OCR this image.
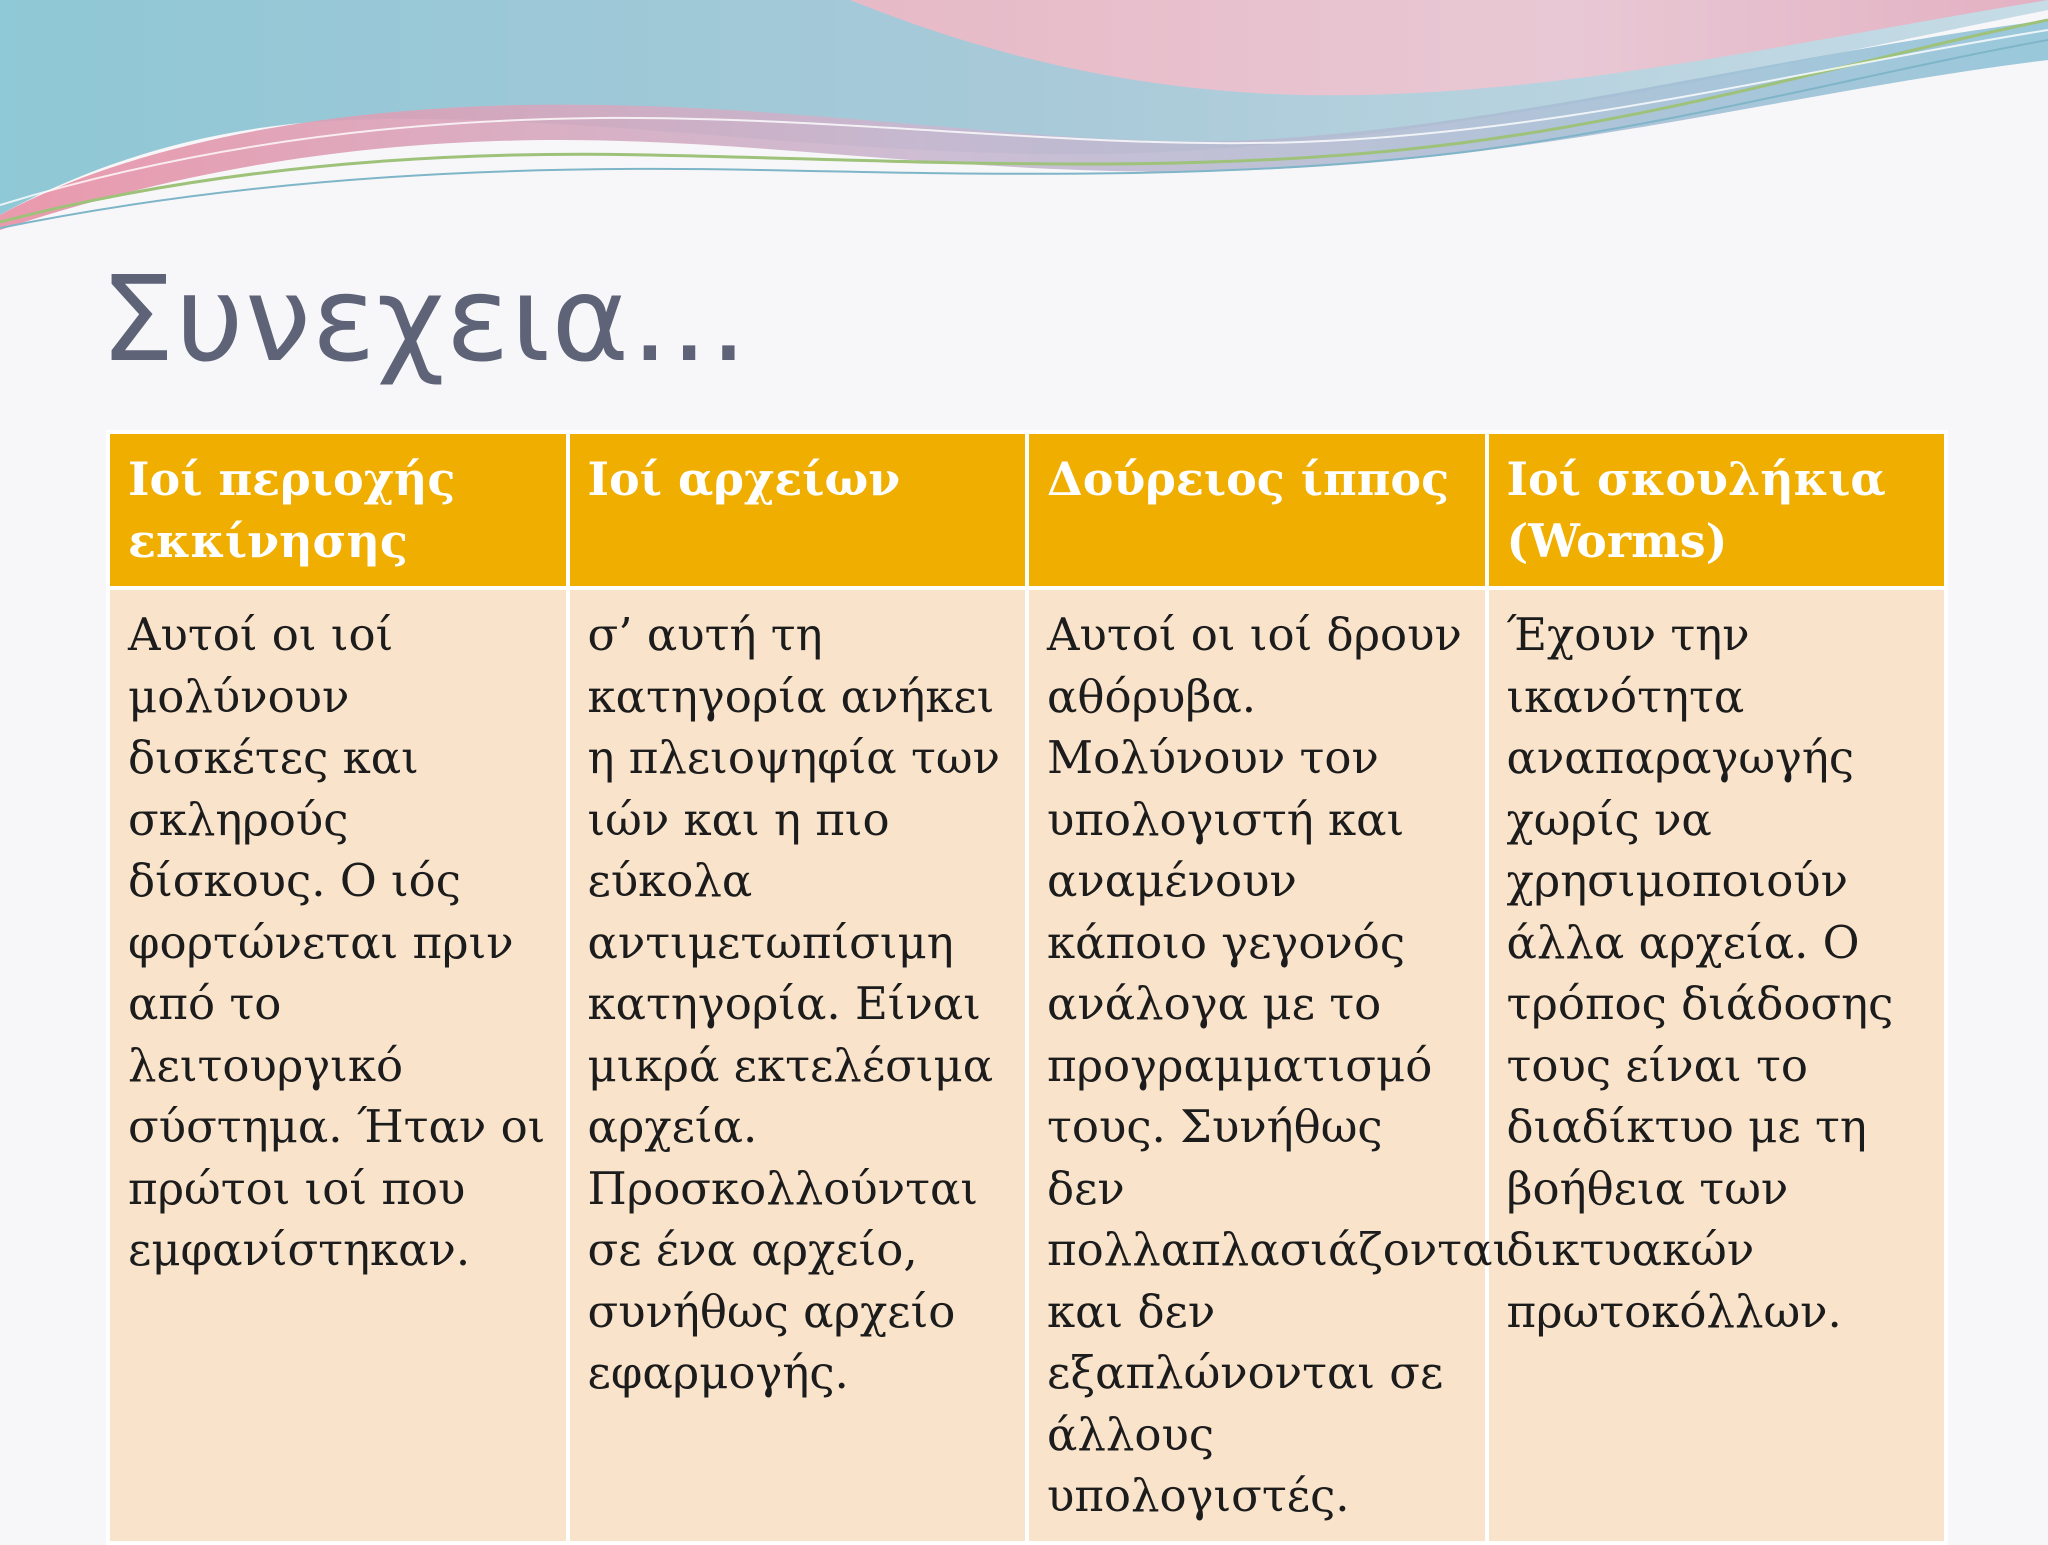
Συνεχεια…
Ιοί περιοχής εκκίνησης	Ιοί αρχείων	Δούρειος ίππος	Ιοί σκουλήκια (Worms)
Αυτοί οι ιοί μολύνουν δισκέτες και σκληρούς δίσκους. Ο ιός φορτώνεται πριν από το λειτουργικό σύστημα. Ήταν οι πρώτοι ιοί που εμφανίστηκαν.	σ’ αυτή τη κατηγορία ανήκει η πλειοψηφία των ιών και η πιο εύκολα αντιμετωπίσιμη κατηγορία. Είναι μικρά εκτελέσιμα αρχεία. Προσκολλούνται σε ένα αρχείο, συνήθως αρχείο εφαρμογής.	Αυτοί οι ιοί δρουν αθόρυβα. Μολύνουν τον υπολογιστή και αναμένουν κάποιο γεγονός ανάλογα με το προγραμματισμό τους. Συνήθως δεν πολλαπλασιάζονται και δεν εξαπλώνονται σε άλλους υπολογιστές.	Έχουν την ικανότητα αναπαραγωγής χωρίς να χρησιμοποιούν άλλα αρχεία. Ο τρόπος διάδοσης τους είναι το διαδίκτυο με τη βοήθεια των δικτυακών πρωτοκόλλων.
